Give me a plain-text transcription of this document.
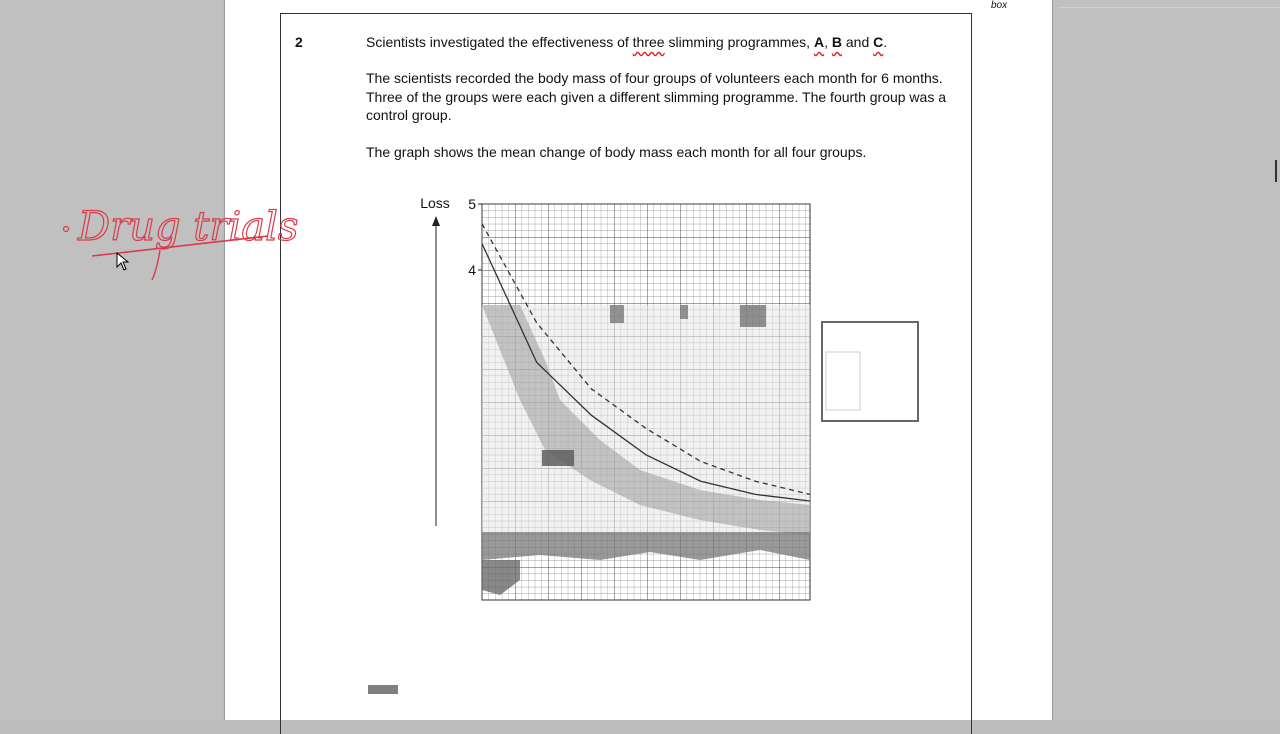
box
2	Scientists investigated the effectiveness of three slimming programmes, A, B and C.
The scientists recorded the body mass of four groups of volunteers each month for 6 months. Three of the groups were each given a different slimming programme. The fourth group was a control group.
The graph shows the mean change of body mass each month for all four groups.
Loss 5
4
Drug trials
